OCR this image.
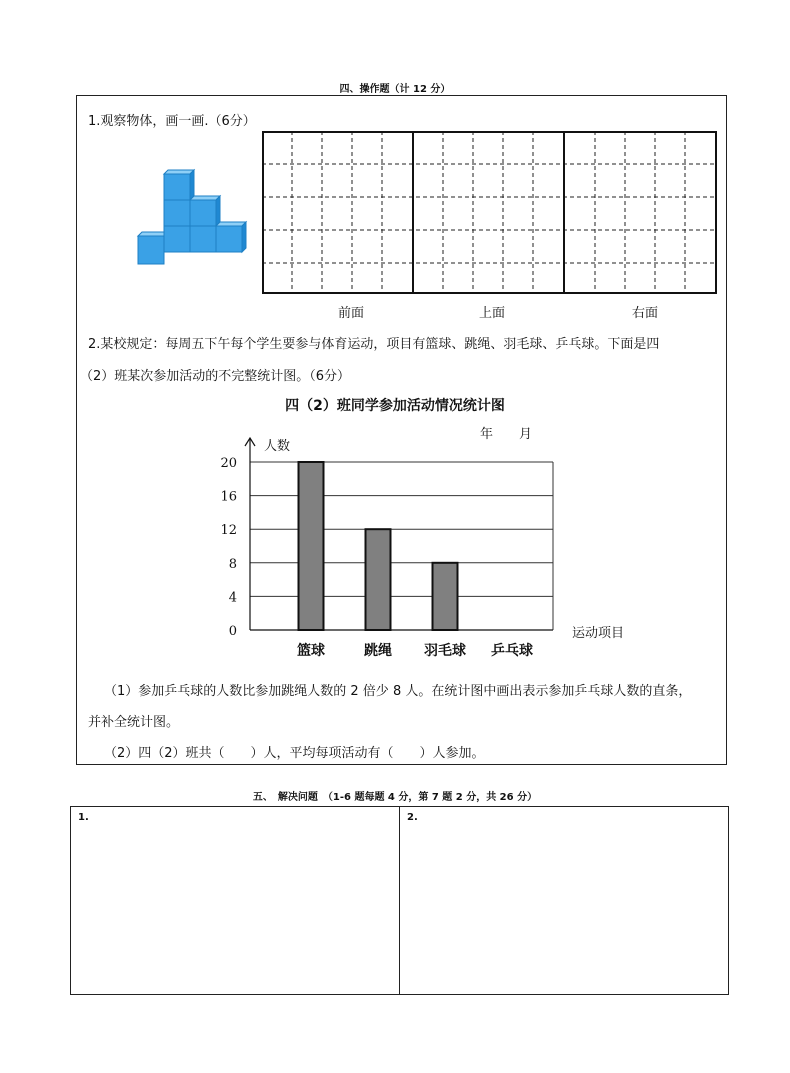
四、操作题（计 12 分）
1.观察物体，画一画.（6分）
前面	上面	右面
2.某校规定：每周五下午每个学生要参与体育运动，项目有篮球、跳绳、羽毛球、乒乓球。下面是四
（2）班某次参加活动的不完整统计图。（6分）
四（2）班同学参加活动情况统计图
年　　月
0
4
8
12
16
20
人数
运动项目
篮球	跳绳 羽毛球 乒乓球
（1）参加乒乓球的人数比参加跳绳人数的 2 倍少 8 人。在统计图中画出表示参加乒乓球人数的直条，
并补全统计图。
（2）四（2）班共（　　）人，平均每项活动有（　　）人参加。
五、　解决问题　（1-6 题每题 4 分，第 7 题 2 分，共 26 分）
1.	2.
